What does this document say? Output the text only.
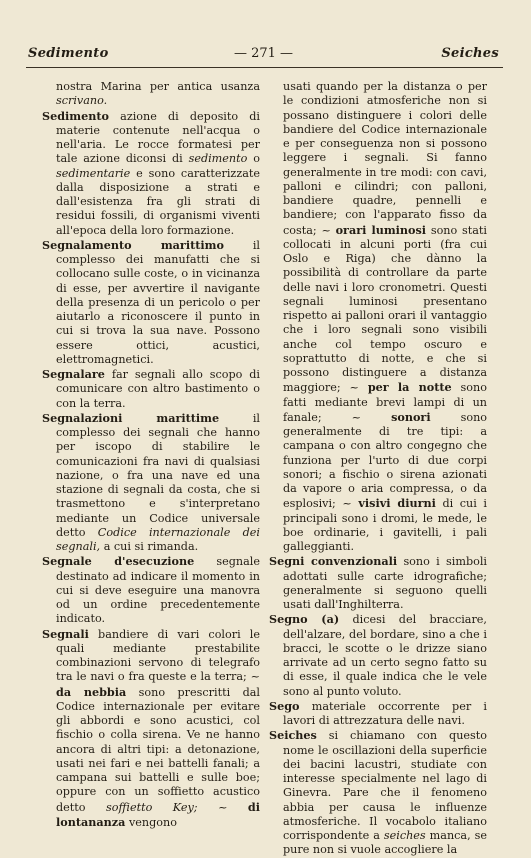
Sedimento	— 271 —	Seiches

nostra Marina per antica usanza scrivano.

Sedimento azione di deposito di materie contenute nell'acqua o nell'aria. Le rocce formatesi per tale azione diconsi di sedimento o sedimentarie e sono caratterizzate dalla disposizione a strati e dall'esistenza fra gli strati di residui fossili, di organismi viventi all'epoca della loro formazione.

Segnalamento marittimo	il complesso dei manufatti che si collocano sulle coste, o in vicinanza di esse, per avvertire il navigante della presenza di un pericolo o per aiutarlo a riconoscere il punto in cui si trova la sua nave. Possono essere ottici, acustici, elettromagnetici.

Segnalare far segnali allo scopo di comunicare con altro bastimento o con la terra.

Segnalazioni marittime	il complesso dei segnali che hanno per iscopo di stabilire le comunicazioni fra navi di qualsiasi nazione, o fra una nave ed una stazione di segnali da costa, che si trasmettono e s'interpretano mediante un Codice universale detto Codice internazionale dei segnali, a cui si rimanda.

Segnale d'esecuzione segnale destinato ad indicare il momento in cui si deve eseguire una manovra od un ordine precedentemente indicato.

Segnali bandiere di vari colori le quali mediante prestabilite combinazioni servono di telegrafo tra le navi o fra queste e la terra; ~ da nebbia sono prescritti dal Codice internazionale per evitare gli abbordi e sono acustici, col fischio o colla sirena. Ve ne hanno ancora di altri tipi: a detonazione, usati nei fari e nei battelli fanali; a campana sui battelli e sulle boe; oppure con un soffietto acustico detto soffietto Key; ~ di lontananza vengono

usati quando per la distanza o per le condizioni atmosferiche non si possano distinguere i colori delle bandiere del Codice internazionale e per conseguenza non si possono leggere i segnali. Si fanno generalmente in tre modi: con cavi, palloni e cilindri; con palloni, bandiere quadre, pennelli e bandiere; con l'apparato fisso da costa; ~ orari luminosi sono stati collocati in alcuni porti (fra cui Oslo e Riga) che dànno la possibilità di controllare da parte delle navi i loro cronometri. Questi segnali luminosi presentano rispetto ai palloni orari il vantaggio che i loro segnali sono visibili anche col tempo oscuro e soprattutto di notte, e che si possono distinguere a distanza maggiore; ~ per la notte sono fatti mediante brevi lampi di un fanale;	~	sonori	sono generalmente di tre tipi: a campana o con altro congegno che funziona per l'urto di due corpi sonori; a fischio o sirena azionati da vapore o aria compressa, o da esplosivi; ~ visivi diurni di cui i principali sono i dromi, le mede, le boe ordinarie, i gavitelli, i pali galleggianti.

Segni convenzionali sono i simboli adottati sulle carte idrografiche; generalmente si seguono quelli usati dall'Inghilterra.

Segno (a) dicesi del bracciare, dell'alzare, del bordare, sino a che i bracci, le scotte o le drizze siano arrivate ad un certo segno fatto su di esse, il quale indica che le vele sono al punto voluto.

Sego materiale occorrente per i lavori di attrezzatura delle navi.

Seiches si chiamano con questo nome le oscillazioni della superficie dei bacini lacustri, studiate con interesse specialmente nel lago di Ginevra. Pare che il fenomeno abbia per causa le influenze atmosferiche. Il vocabolo italiano corrispondente a seiches manca, se pure non si vuole accogliere la
